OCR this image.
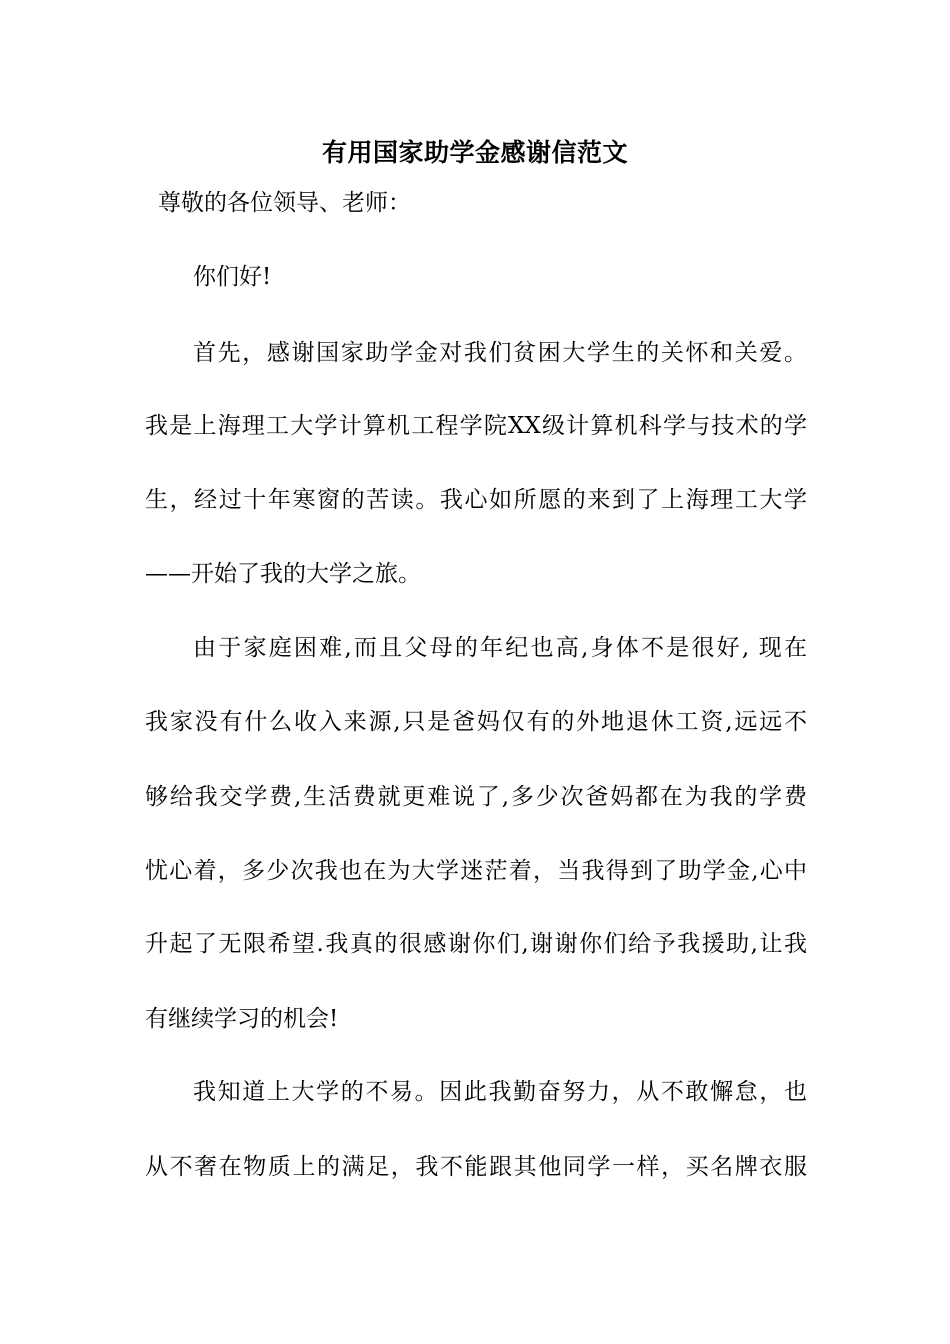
有用国家助学金感谢信范文
尊敬的各位领导、老师：
你们好!
首先，感谢国家助学金对我们贫困大学生的关怀和关爱。
我是上海理工大学计算机工程学院XX级计算机科学与技术的学
生，经过十年寒窗的苦读。我心如所愿的来到了上海理工大学
——开始了我的大学之旅。
由于家庭困难,而且父母的年纪也高,身体不是很好, 现在
我家没有什么收入来源,只是爸妈仅有的外地退休工资,远远不
够给我交学费,生活费就更难说了,多少次爸妈都在为我的学费
忧心着，多少次我也在为大学迷茫着，当我得到了助学金,心中
升起了无限希望.我真的很感谢你们,谢谢你们给予我援助,让我
有继续学习的机会!
我知道上大学的不易。因此我勤奋努力，从不敢懈怠，也
从不奢在物质上的满足，我不能跟其他同学一样，买名牌衣服
